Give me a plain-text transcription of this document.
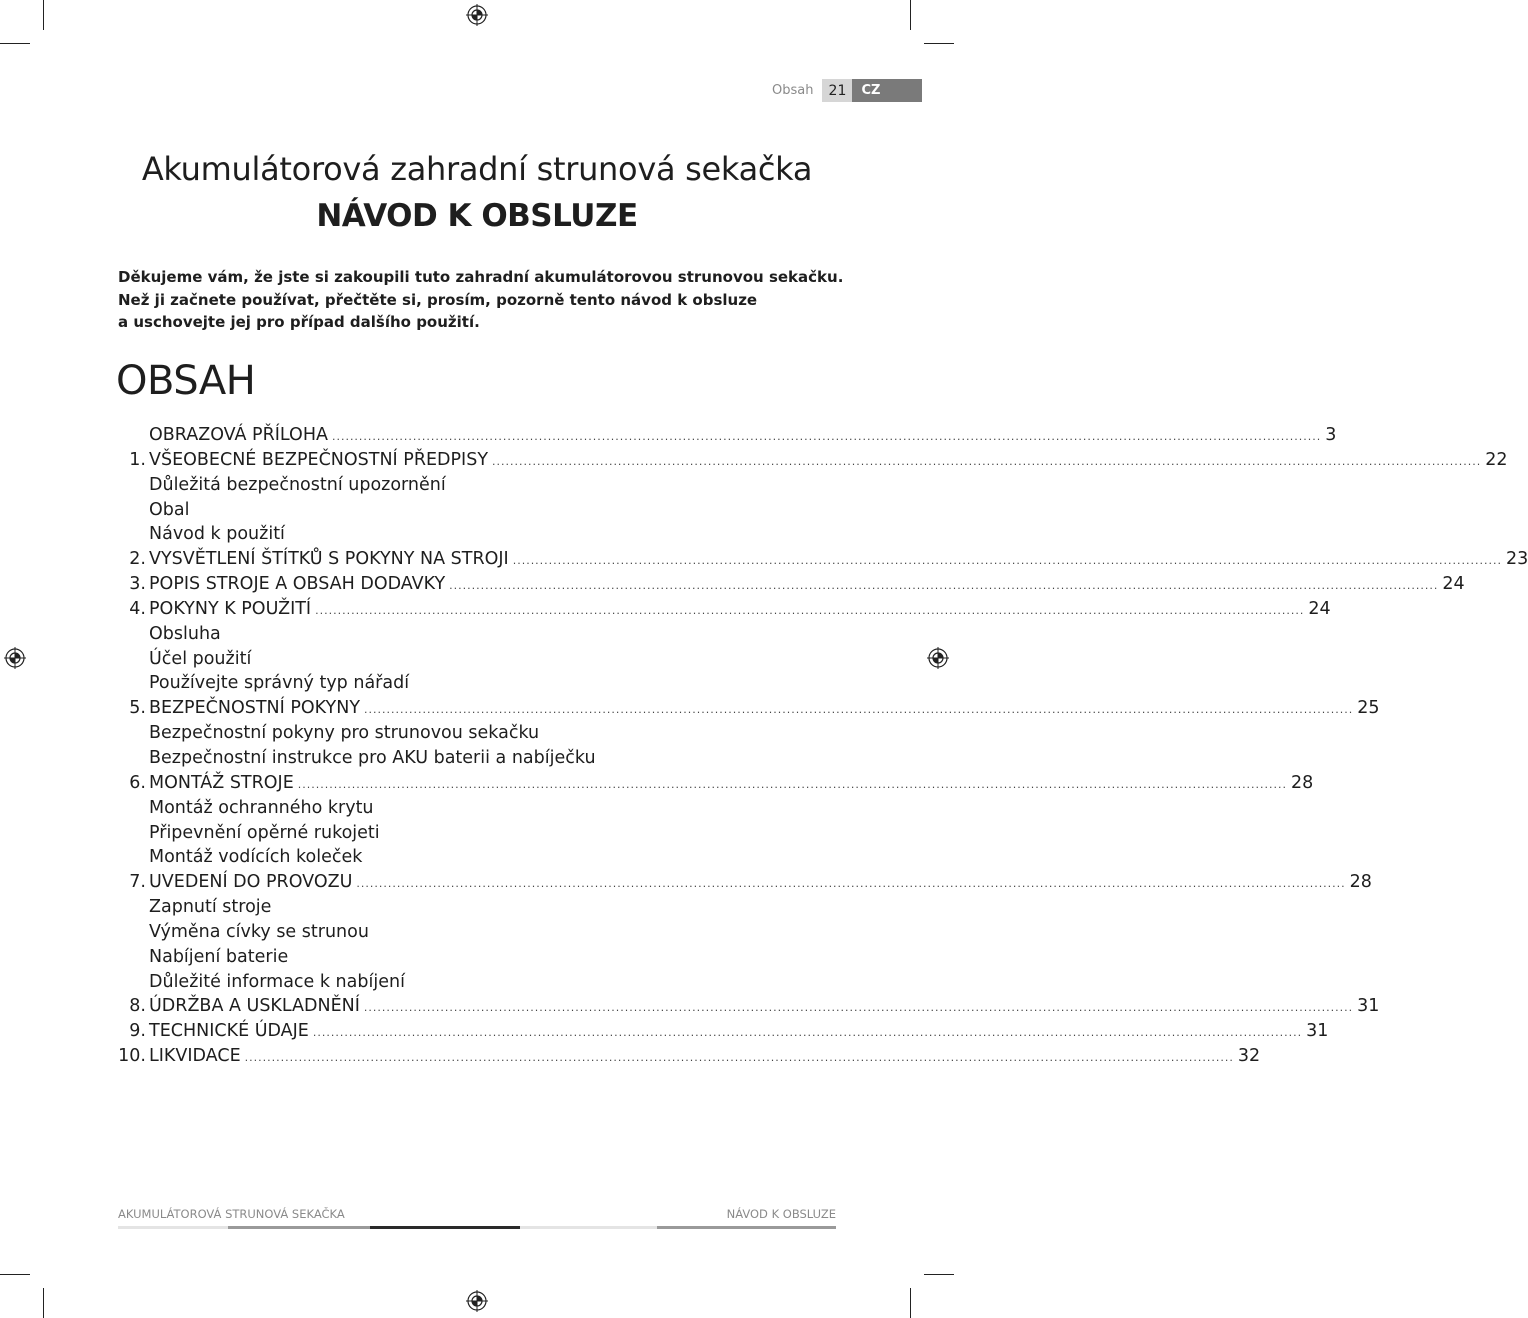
Obsah	21	CZ
Akumulátorová zahradní strunová sekačka
NÁVOD K OBSLUZE
Děkujeme vám, že jste si zakoupili tuto zahradní akumulátorovou strunovou sekačku.
Než ji začnete používat, přečtěte si, prosím, pozorně tento návod k obsluze
a uschovejte jej pro případ dalšího použití.
OBSAH
OBRAZOVÁ PŘÍLOHA ............................................................................................................................................................................................................................ 3
1. VŠEOBECNÉ BEZPEČNOSTNÍ PŘEDPISY ............................................................................................................................................................................................................................ 22
Důležitá bezpečnostní upozornění
Obal
Návod k použití
2. VYSVĚTLENÍ ŠTÍTKŮ S POKYNY NA STROJI ............................................................................................................................................................................................................................ 23
3. POPIS STROJE A OBSAH DODAVKY ............................................................................................................................................................................................................................ 24
4. POKYNY K POUŽITÍ ............................................................................................................................................................................................................................ 24
Obsluha
Účel použití
Používejte správný typ nářadí
5. BEZPEČNOSTNÍ POKYNY ............................................................................................................................................................................................................................ 25
Bezpečnostní pokyny pro strunovou sekačku
Bezpečnostní instrukce pro AKU baterii a nabíječku
6. MONTÁŽ STROJE ............................................................................................................................................................................................................................ 28
Montáž ochranného krytu
Připevnění opěrné rukojeti
Montáž vodících koleček
7. UVEDENÍ DO PROVOZU ............................................................................................................................................................................................................................ 28
Zapnutí stroje
Výměna cívky se strunou
Nabíjení baterie
Důležité informace k nabíjení
8. ÚDRŽBA A USKLADNĚNÍ ............................................................................................................................................................................................................................ 31
9. TECHNICKÉ ÚDAJE ............................................................................................................................................................................................................................ 31
10. LIKVIDACE ............................................................................................................................................................................................................................ 32
AKUMULÁTOROVÁ STRUNOVÁ SEKAČKA	NÁVOD K OBSLUZE
